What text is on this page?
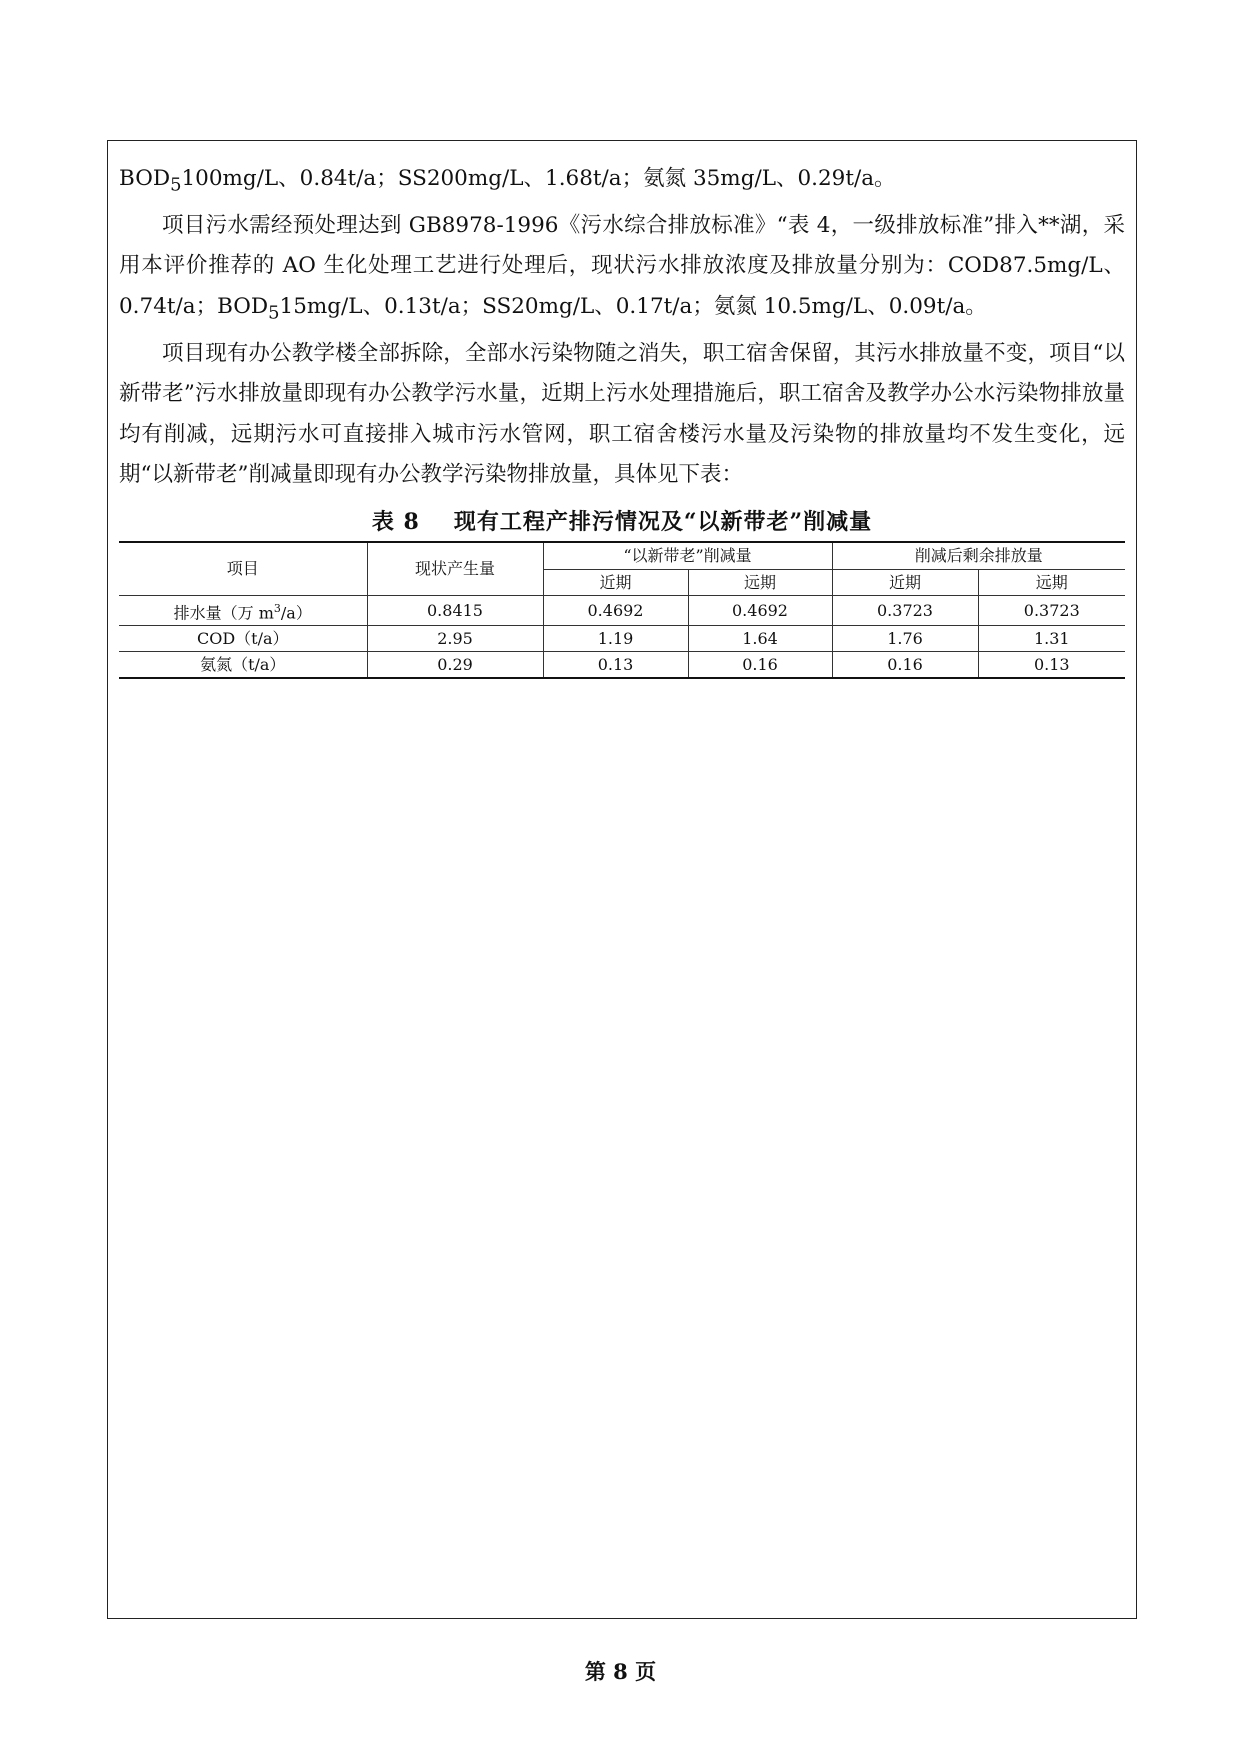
$BOD_5100mg/L$、0.84t/a；SS200mg/L、1.68t/a；氨氮 35mg/L、0.29t/a。

项目污水需经预处理达到 GB8978-1996《污水综合排放标准》“表 4，一级排放标准”排入**湖，采用本评价推荐的 AO 生化处理工艺进行处理后，现状污水排放浓度及排放量分别为：COD87.5mg/L、0.74t/a；$BOD_515mg/L$、0.13t/a；SS20mg/L、0.17t/a；氨氮 10.5mg/L、0.09t/a。

项目现有办公教学楼全部拆除，全部水污染物随之消失，职工宿舍保留，其污水排放量不变，项目“以新带老”污水排放量即现有办公教学污水量，近期上污水处理措施后，职工宿舍及教学办公水污染物排放量均有削减，远期污水可直接排入城市污水管网，职工宿舍楼污水量及污染物的排放量均不发生变化，远期“以新带老”削减量即现有办公教学污染物排放量，具体见下表：

表 8 现有工程产排污情况及“以新带老”削减量
项目	现状产生量	“以新带老”削减量		削减后剩余排放量	
		近期	远期	近期	远期
排水量（万 $m^3/a$）	0.8415	0.4692	0.4692	0.3723	0.3723
COD（t/a）	2.95	1.19	1.64	1.76	1.31
氨氮（t/a）	0.29	0.13	0.16	0.16	0.13
第 8 页
